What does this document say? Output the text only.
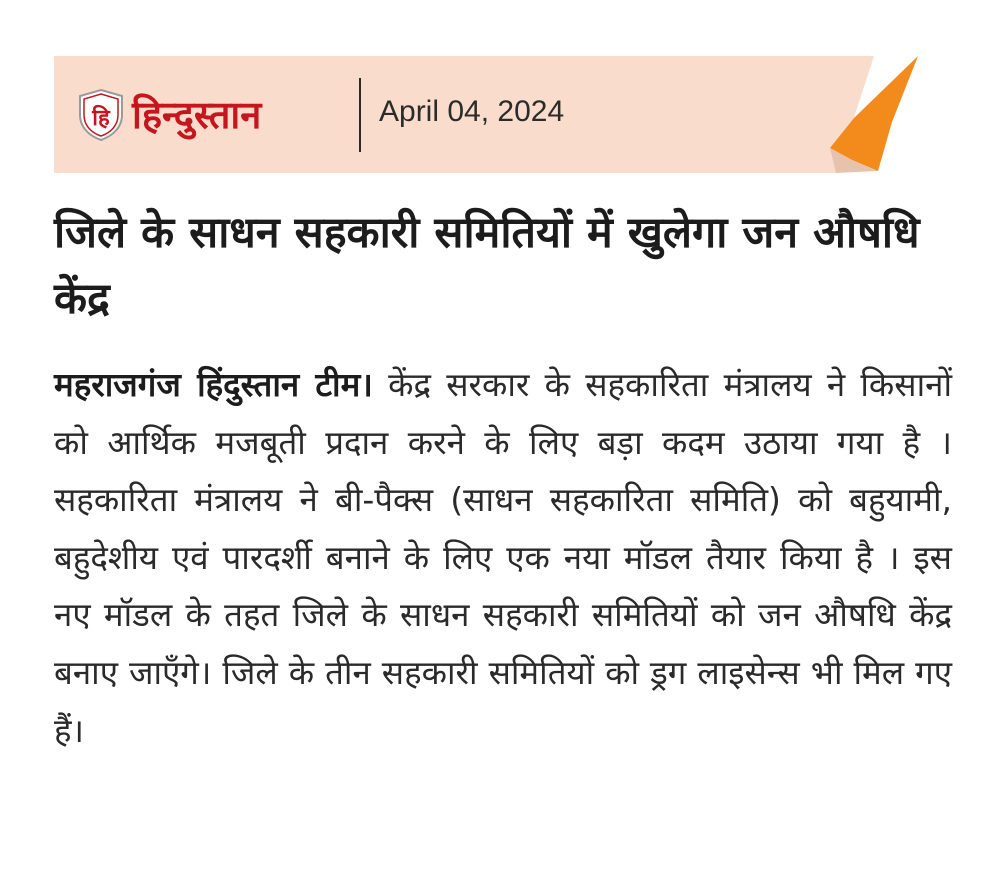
हि हिन्दुस्तान	April 04, 2024
जिले के साधन सहकारी समितियों में खुलेगा जन औषधि केंद्र

महराजगंज हिंदुस्तान टीम। केंद्र सरकार के सहकारिता मंत्रालय ने किसानों को आर्थिक मजबूती प्रदान करने के लिए बड़ा कदम उठाया गया है । सहकारिता मंत्रालय ने बी-पैक्स (साधन सहकारिता समिति) को बहुयामी, बहुदेशीय एवं पारदर्शी बनाने के लिए एक नया मॉडल तैयार किया है । इस नए मॉडल के तहत जिले के साधन सहकारी समितियों को जन औषधि केंद्र बनाए जाएँगे। जिले के तीन सहकारी समितियों को ड्रग लाइसेन्स भी मिल गए हैं।
